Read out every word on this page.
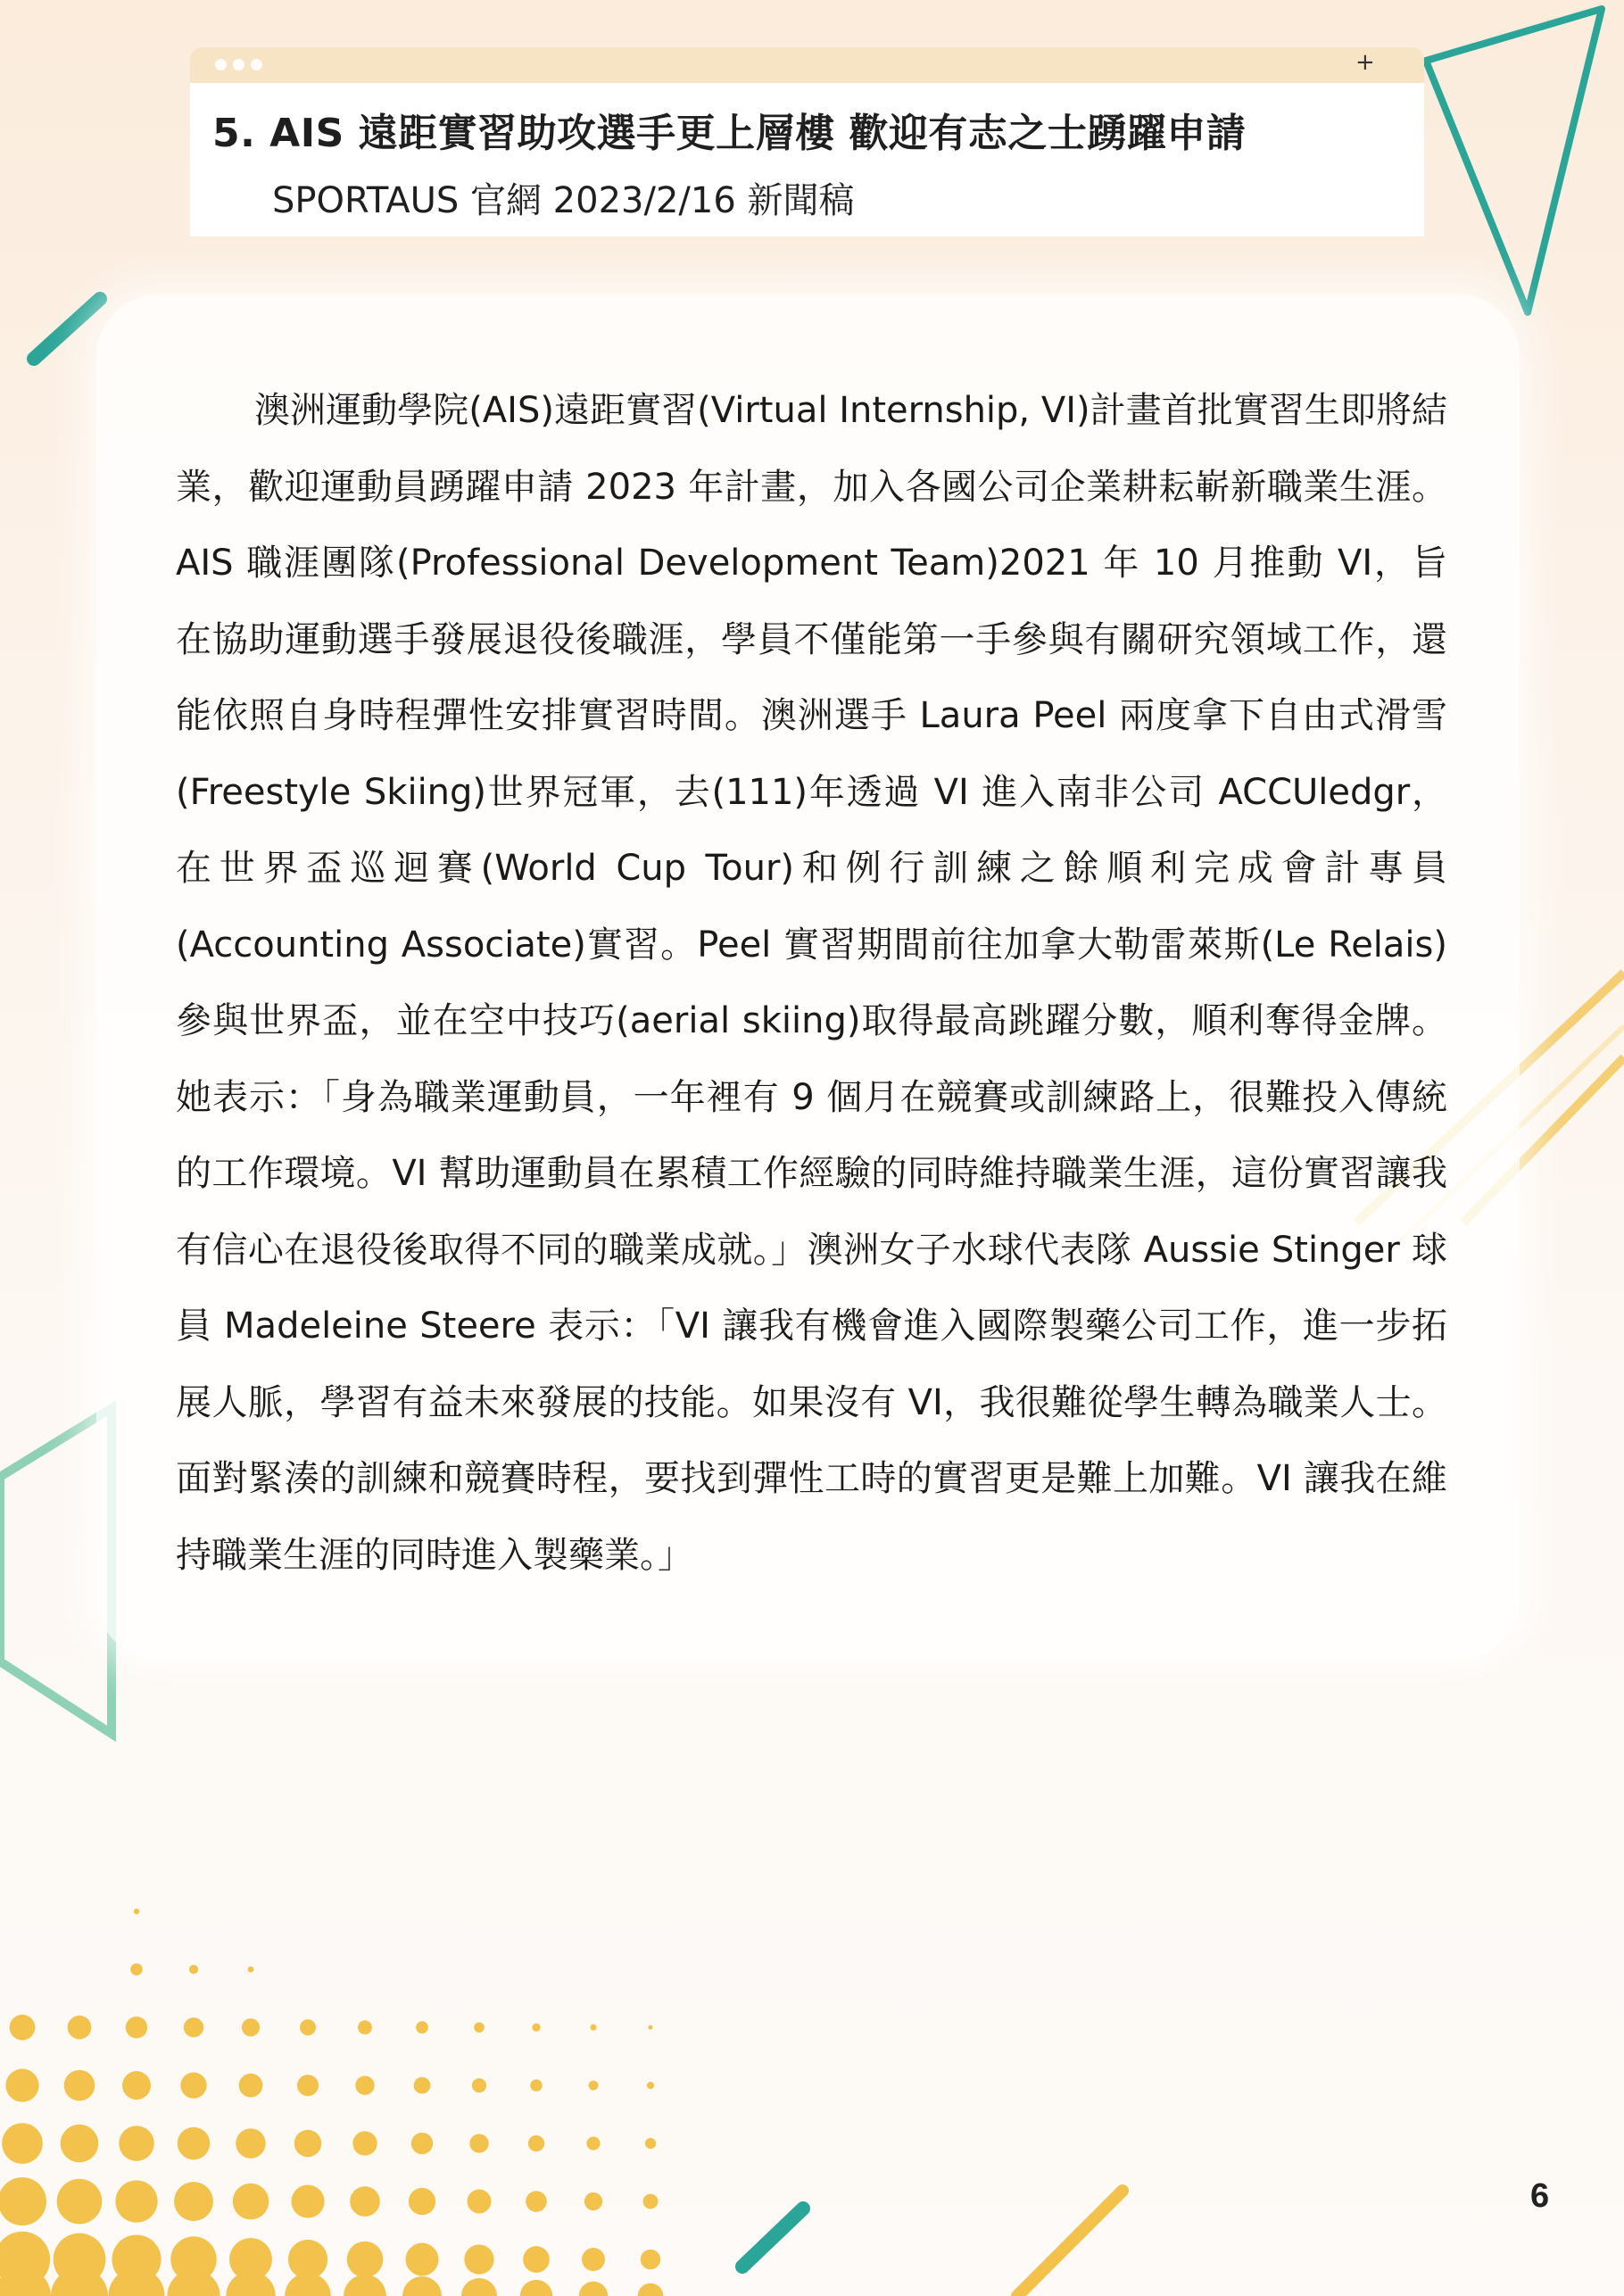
+
5. AIS 遠距實習助攻選手更上層樓 歡迎有志之士踴躍申請

SPORTAUS 官網 2023/2/16 新聞稿

澳洲運動學院(AIS)遠距實習(Virtual Internship, VI)計畫首批實習生即將結業，歡迎運動員踴躍申請 2023 年計畫，加入各國公司企業耕耘嶄新職業生涯。AIS 職涯團隊(Professional Development Team)2021 年 10 月推動 VI，旨在協助運動選手發展退役後職涯，學員不僅能第一手參與有關研究領域工作，還能依照自身時程彈性安排實習時間。澳洲選手 Laura Peel 兩度拿下自由式滑雪(Freestyle Skiing)世界冠軍，去(111)年透過 VI 進入南非公司 ACCUledgr，在世界盃巡迴賽(World Cup Tour)和例行訓練之餘順利完成會計專員(Accounting Associate)實習。Peel 實習期間前往加拿大勒雷萊斯(Le Relais)參與世界盃，並在空中技巧(aerial skiing)取得最高跳躍分數，順利奪得金牌。她表示：「身為職業運動員，一年裡有 9 個月在競賽或訓練路上，很難投入傳統的工作環境。VI 幫助運動員在累積工作經驗的同時維持職業生涯，這份實習讓我有信心在退役後取得不同的職業成就。」澳洲女子水球代表隊 Aussie Stinger 球員 Madeleine Steere 表示：「VI 讓我有機會進入國際製藥公司工作，進一步拓展人脈，學習有益未來發展的技能。如果沒有 VI，我很難從學生轉為職業人士。面對緊湊的訓練和競賽時程，要找到彈性工時的實習更是難上加難。VI 讓我在維持職業生涯的同時進入製藥業。」

6
